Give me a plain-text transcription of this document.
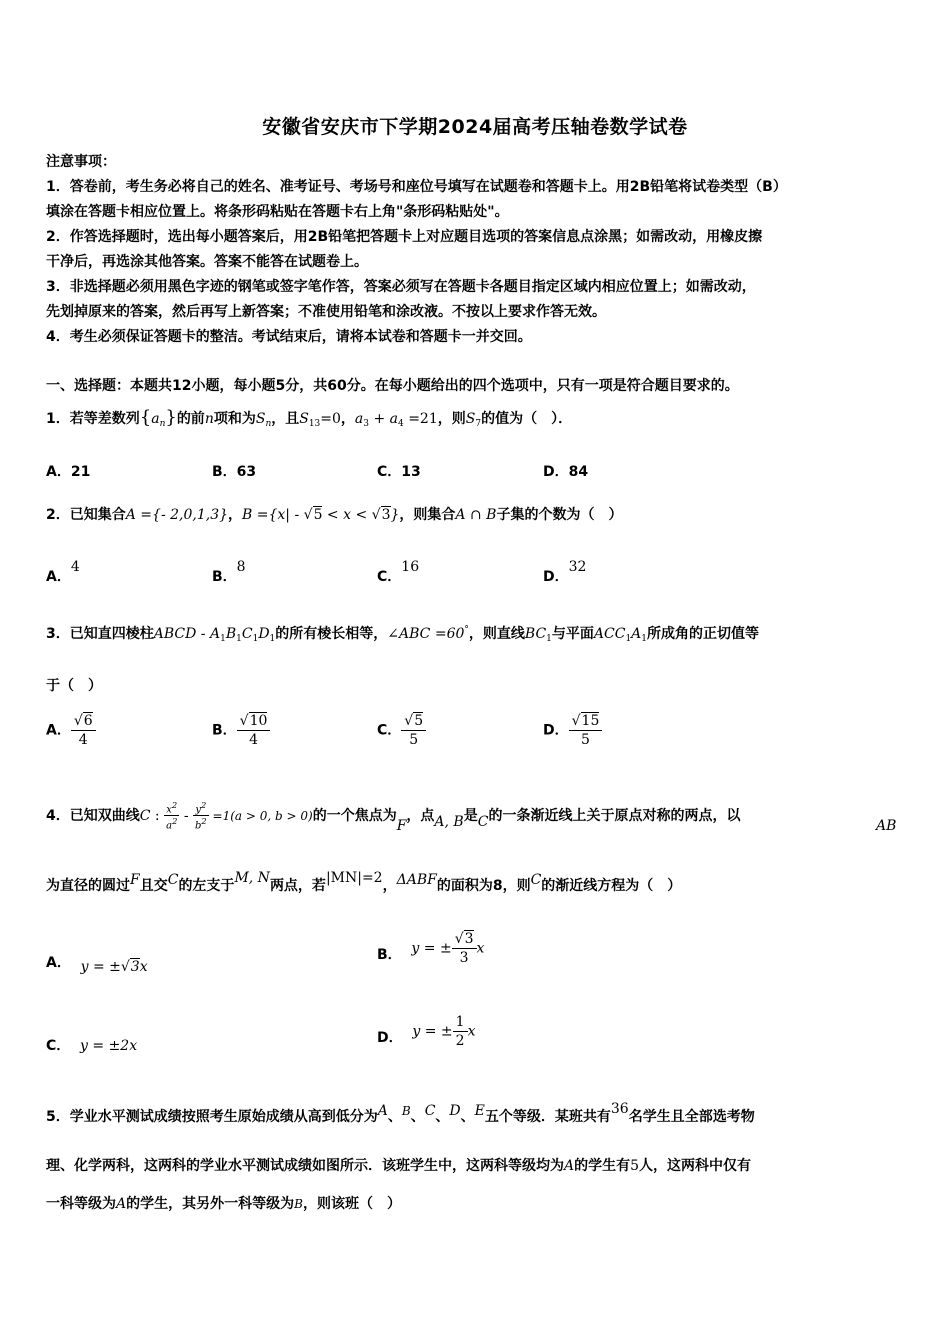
安徽省安庆市下学期2024届高考压轴卷数学试卷
注意事项：
1．答卷前，考生务必将自己的姓名、准考证号、考场号和座位号填写在试题卷和答题卡上。用2B铅笔将试卷类型（B）
填涂在答题卡相应位置上。将条形码粘贴在答题卡右上角"条形码粘贴处"。
2．作答选择题时，选出每小题答案后，用2B铅笔把答题卡上对应题目选项的答案信息点涂黑；如需改动，用橡皮擦
干净后，再选涂其他答案。答案不能答在试题卷上。
3．非选择题必须用黑色字迹的钢笔或签字笔作答，答案必须写在答题卡各题目指定区域内相应位置上；如需改动，
先划掉原来的答案，然后再写上新答案；不准使用铅笔和涂改液。不按以上要求作答无效。
4．考生必须保证答题卡的整洁。考试结束后，请将本试卷和答题卡一并交回。
一、选择题：本题共12小题，每小题5分，共60分。在每小题给出的四个选项中，只有一项是符合题目要求的。
1．若等差数列$\{a_n\}$的前n项和为$S_n$，且$S_{13}=0$，$a_3 + a_4 =21$，则$S_7$的值为（　）．
A．21	B．63	C．13	D．84
2．已知集合A ={- 2,0,1,3}，B ={x| - √5 < x < √3}，则集合A ∩ B子集的个数为（　）
A．4
B．8
C．16
D．32
3．已知直四棱柱ABCD - $A_1B_1C_1D_1$的所有棱长相等，∠ABC =60°，则直线$BC_1$与平面$ACC_1A_1$所成角的正切值等
于（　）
A． $\frac{√6}{4}$	B． $\frac{√10}{4}$	C． $\frac{√5}{5}$	D． $\frac{√15}{5}$
4．已知双曲线C : $\frac{x^2}{a^2} - \frac{y^2}{b^2} =1(a > 0$, b > 0)的一个焦点为F，点A, B是C的一条渐近线上关于原点对称的两点，以
AB
为直径的圆过F且交C的左支于M, N两点，若|MN|=2，ΔABF的面积为8，则C的渐近线方程为（　）
A． y = ±√3x
B． y = ± $\frac{√3}{3}$ x
C． y = ±2x
D． y = ± $\frac{1}{2}$ x
5．学业水平测试成绩按照考生原始成绩从高到低分为A、B、C、D、E五个等级．某班共有36名学生且全部选考物
理、化学两科，这两科的学业水平测试成绩如图所示．该班学生中，这两科等级均为A的学生有5人，这两科中仅有
一科等级为A的学生，其另外一科等级为B，则该班（　）
